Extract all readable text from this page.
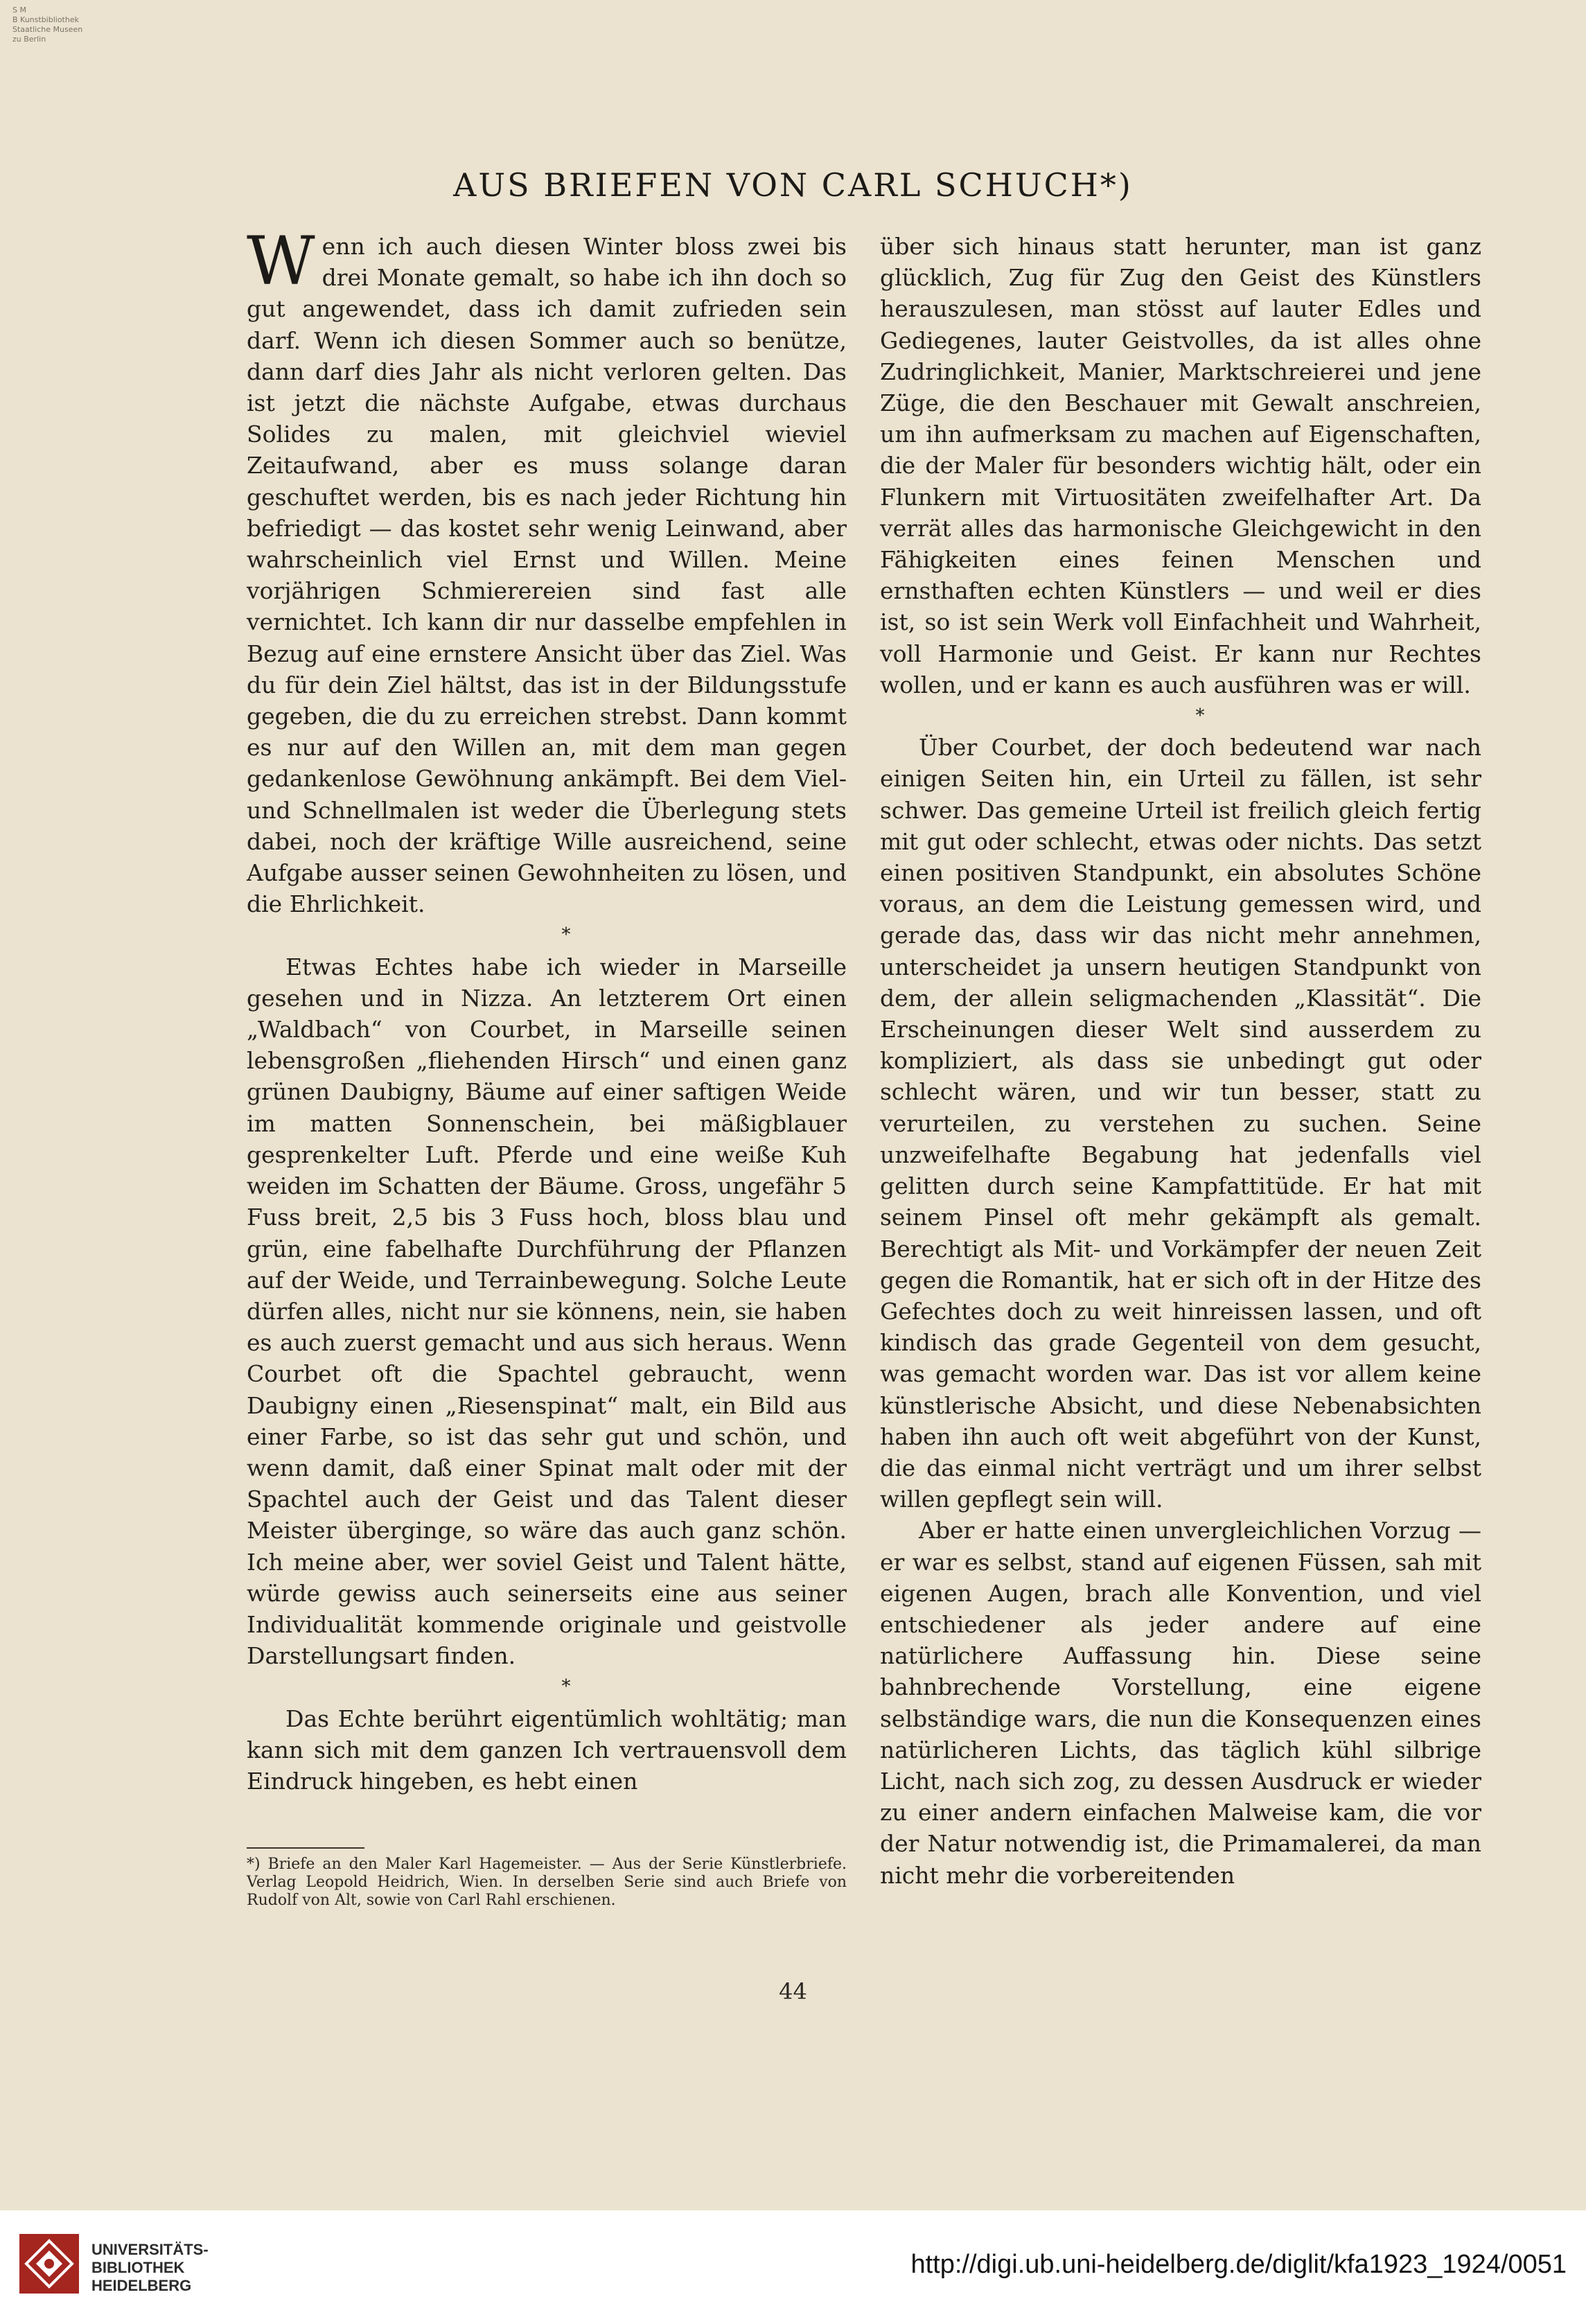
S M
B Kunstbibliothek
Staatliche Museen
zu Berlin
AUS BRIEFEN VON CARL SCHUCH*)

Wenn ich auch diesen Winter bloss zwei bis drei Monate gemalt, so habe ich ihn doch so gut angewendet, dass ich damit zufrieden sein darf. Wenn ich diesen Sommer auch so benütze, dann darf dies Jahr als nicht verloren gelten. Das ist jetzt die nächste Aufgabe, etwas durchaus Solides zu malen, mit gleichviel wieviel Zeitaufwand, aber es muss solange daran geschuftet werden, bis es nach jeder Richtung hin befriedigt — das kostet sehr wenig Leinwand, aber wahrscheinlich viel Ernst und Willen. Meine vorjährigen Schmierereien sind fast alle vernichtet. Ich kann dir nur dasselbe empfehlen in Bezug auf eine ernstere Ansicht über das Ziel. Was du für dein Ziel hältst, das ist in der Bildungsstufe gegeben, die du zu erreichen strebst. Dann kommt es nur auf den Willen an, mit dem man gegen gedankenlose Gewöhnung ankämpft. Bei dem Viel- und Schnellmalen ist weder die Überlegung stets dabei, noch der kräftige Wille ausreichend, seine Aufgabe ausser seinen Gewohnheiten zu lösen, und die Ehrlichkeit.

*

Etwas Echtes habe ich wieder in Marseille gesehen und in Nizza. An letzterem Ort einen „Waldbach“ von Courbet, in Marseille seinen lebensgroßen „fliehenden Hirsch“ und einen ganz grünen Daubigny, Bäume auf einer saftigen Weide im matten Sonnenschein, bei mäßigblauer gesprenkelter Luft. Pferde und eine weiße Kuh weiden im Schatten der Bäume. Gross, ungefähr 5 Fuss breit, 2,5 bis 3 Fuss hoch, bloss blau und grün, eine fabelhafte Durchführung der Pflanzen auf der Weide, und Terrainbewegung. Solche Leute dürfen alles, nicht nur sie könnens, nein, sie haben es auch zuerst gemacht und aus sich heraus. Wenn Courbet oft die Spachtel gebraucht, wenn Daubigny einen „Riesenspinat“ malt, ein Bild aus einer Farbe, so ist das sehr gut und schön, und wenn damit, daß einer Spinat malt oder mit der Spachtel auch der Geist und das Talent dieser Meister überginge, so wäre das auch ganz schön. Ich meine aber, wer soviel Geist und Talent hätte, würde gewiss auch seinerseits eine aus seiner Individualität kommende originale und geistvolle Darstellungsart finden.

*

Das Echte berührt eigentümlich wohltätig; man kann sich mit dem ganzen Ich vertrauensvoll dem Eindruck hingeben, es hebt einen

*) Briefe an den Maler Karl Hagemeister. — Aus der Serie Künstlerbriefe. Verlag Leopold Heidrich, Wien. In derselben Serie sind auch Briefe von Rudolf von Alt, sowie von Carl Rahl erschienen.

über sich hinaus statt herunter, man ist ganz glücklich, Zug für Zug den Geist des Künstlers herauszulesen, man stösst auf lauter Edles und Gediegenes, lauter Geistvolles, da ist alles ohne Zudringlichkeit, Manier, Marktschreierei und jene Züge, die den Beschauer mit Gewalt anschreien, um ihn aufmerksam zu machen auf Eigenschaften, die der Maler für besonders wichtig hält, oder ein Flunkern mit Virtuositäten zweifelhafter Art. Da verrät alles das harmonische Gleichgewicht in den Fähigkeiten eines feinen Menschen und ernsthaften echten Künstlers — und weil er dies ist, so ist sein Werk voll Einfachheit und Wahrheit, voll Harmonie und Geist. Er kann nur Rechtes wollen, und er kann es auch ausführen was er will.

*

Über Courbet, der doch bedeutend war nach einigen Seiten hin, ein Urteil zu fällen, ist sehr schwer. Das gemeine Urteil ist freilich gleich fertig mit gut oder schlecht, etwas oder nichts. Das setzt einen positiven Standpunkt, ein absolutes Schöne voraus, an dem die Leistung gemessen wird, und gerade das, dass wir das nicht mehr annehmen, unterscheidet ja unsern heutigen Standpunkt von dem, der allein seligmachenden „Klassität“. Die Erscheinungen dieser Welt sind ausserdem zu kompliziert, als dass sie unbedingt gut oder schlecht wären, und wir tun besser, statt zu verurteilen, zu verstehen zu suchen. Seine unzweifelhafte Begabung hat jedenfalls viel gelitten durch seine Kampfattitüde. Er hat mit seinem Pinsel oft mehr gekämpft als gemalt. Berechtigt als Mit- und Vorkämpfer der neuen Zeit gegen die Romantik, hat er sich oft in der Hitze des Gefechtes doch zu weit hinreissen lassen, und oft kindisch das grade Gegenteil von dem gesucht, was gemacht worden war. Das ist vor allem keine künstlerische Absicht, und diese Nebenabsichten haben ihn auch oft weit abgeführt von der Kunst, die das einmal nicht verträgt und um ihrer selbst willen gepflegt sein will.

Aber er hatte einen unvergleichlichen Vorzug — er war es selbst, stand auf eigenen Füssen, sah mit eigenen Augen, brach alle Konvention, und viel entschiedener als jeder andere auf eine natürlichere Auffassung hin. Diese seine bahnbrechende Vorstellung, eine eigene selbständige wars, die nun die Konsequenzen eines natürlicheren Lichts, das täglich kühl silbrige Licht, nach sich zog, zu dessen Ausdruck er wieder zu einer andern einfachen Malweise kam, die vor der Natur notwendig ist, die Primamalerei, da man nicht mehr die vorbereitenden

44
UNIVERSITÄTS-
BIBLIOTHEK
HEIDELBERG
http://digi.ub.uni-heidelberg.de/diglit/kfa1923_1924/0051
